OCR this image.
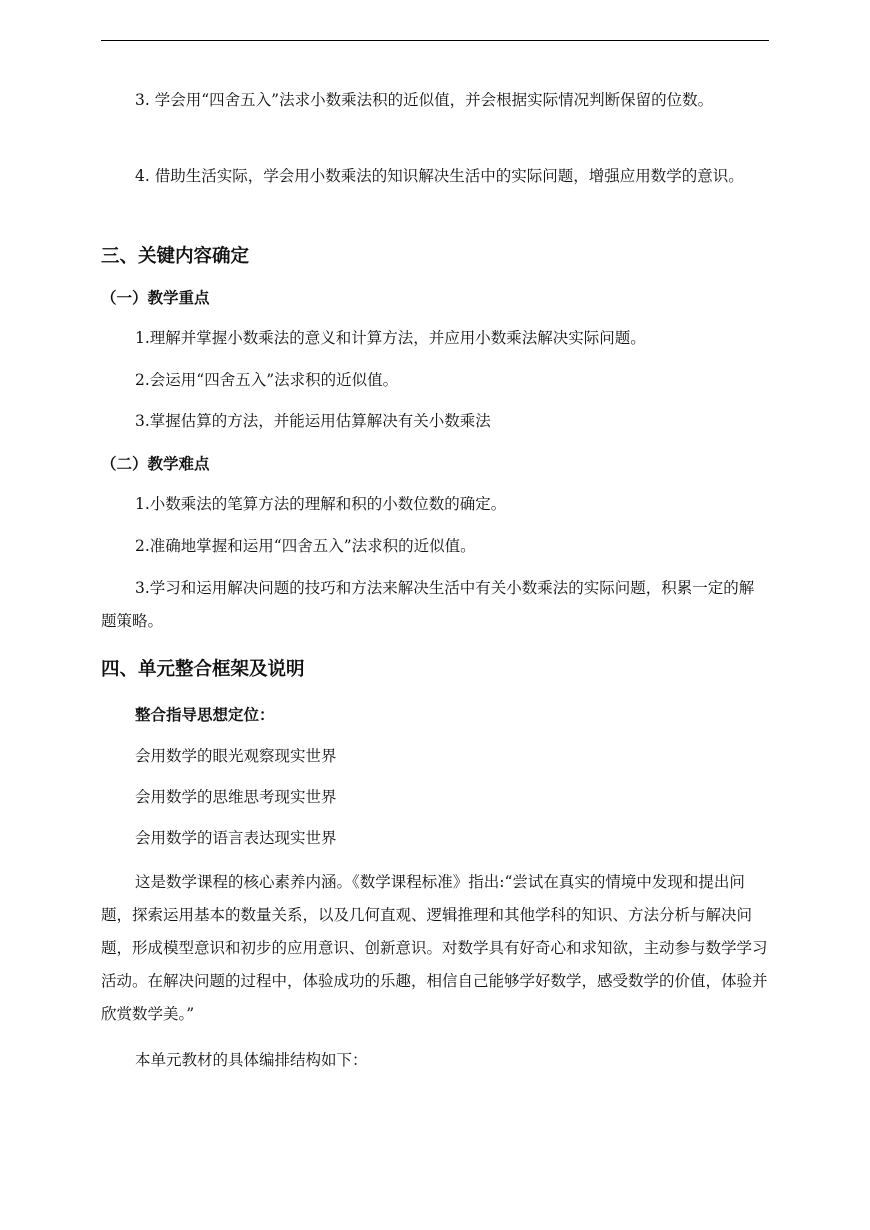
3. 学会用“四舍五入”法求小数乘法积的近似值，并会根据实际情况判断保留的位数。

4. 借助生活实际，学会用小数乘法的知识解决生活中的实际问题，增强应用数学的意识。

三、关键内容确定
（一）教学重点

1.理解并掌握小数乘法的意义和计算方法，并应用小数乘法解决实际问题。

2.会运用“四舍五入”法求积的近似值。

3.掌握估算的方法，并能运用估算解决有关小数乘法

（二）教学难点

1.小数乘法的笔算方法的理解和积的小数位数的确定。

2.准确地掌握和运用“四舍五入”法求积的近似值。

3.学习和运用解决问题的技巧和方法来解决生活中有关小数乘法的实际问题，积累一定的解题策略。

四、单元整合框架及说明
整合指导思想定位：

会用数学的眼光观察现实世界

会用数学的思维思考现实世界

会用数学的语言表达现实世界

这是数学课程的核心素养内涵。《数学课程标准》指出:“尝试在真实的情境中发现和提出问题，探索运用基本的数量关系，以及几何直观、逻辑推理和其他学科的知识、方法分析与解决问题，形成模型意识和初步的应用意识、创新意识。对数学具有好奇心和求知欲，主动参与数学学习活动。在解决问题的过程中，体验成功的乐趣，相信自己能够学好数学，感受数学的价值，体验并欣赏数学美。”

本单元教材的具体编排结构如下：
